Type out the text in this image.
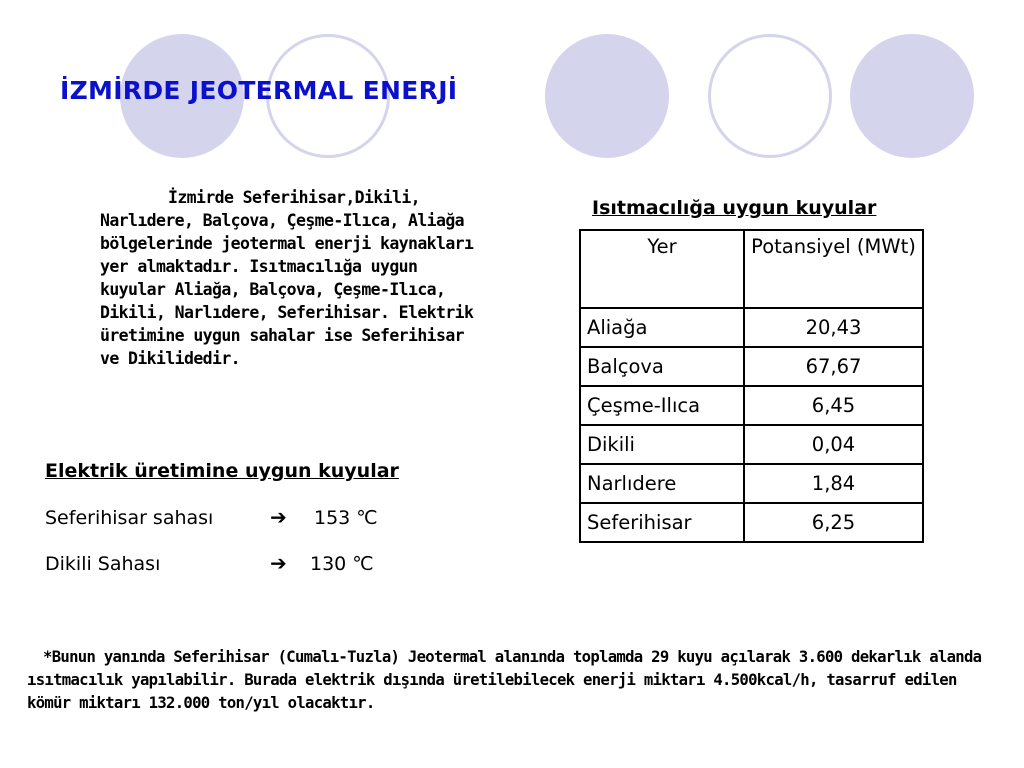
İZMİRDE JEOTERMAL ENERJİ
İzmirde Seferihisar,Dikili, Narlıdere, Balçova, Çeşme-Ilıca, Aliağa bölgelerinde jeotermal enerji kaynakları yer almaktadır. Isıtmacılığa uygun kuyular Aliağa, Balçova, Çeşme-Ilıca, Dikili, Narlıdere, Seferihisar. Elektrik üretimine uygun sahalar ise Seferihisar ve Dikilidedir.
Elektrik üretimine uygun kuyular
Seferihisar sahası	➔ 153 ℃
Dikili Sahası	➔ 130 ℃
Isıtmacılığa uygun kuyular
Yer	Potansiyel (MWt)
Aliağa	20,43
Balçova	67,67
Çeşme-Ilıca	6,45
Dikili	0,04
Narlıdere	1,84
Seferihisar	6,25
*Bunun yanında Seferihisar (Cumalı-Tuzla) Jeotermal alanında toplamda 29 kuyu açılarak 3.600 dekarlık alanda ısıtmacılık yapılabilir. Burada elektrik dışında üretilebilecek enerji miktarı 4.500kcal/h, tasarruf edilen kömür miktarı 132.000 ton/yıl olacaktır.
